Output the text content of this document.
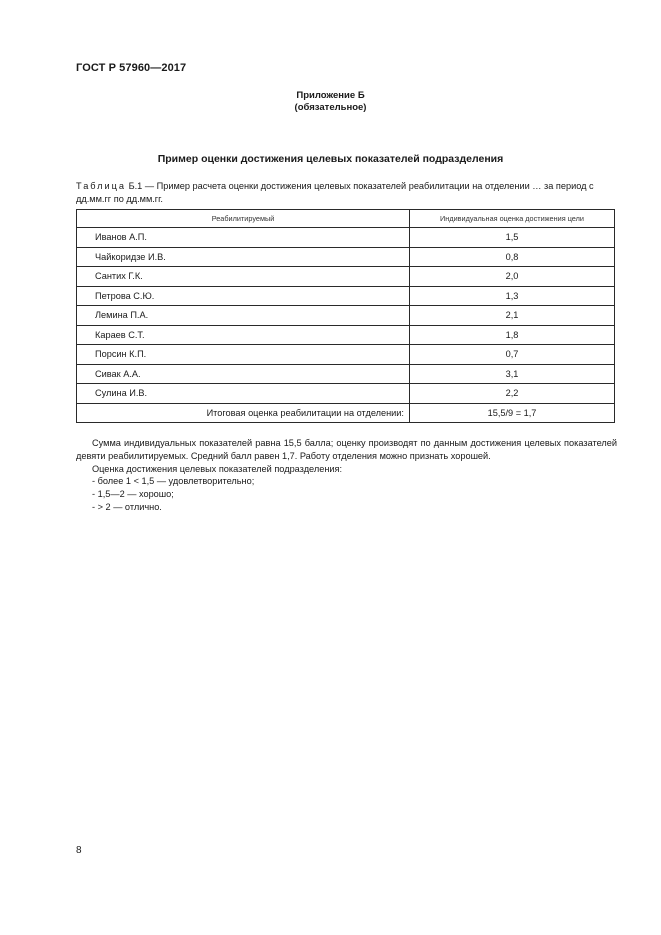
ГОСТ Р 57960—2017
Приложение Б
(обязательное)
Пример оценки достижения целевых показателей подразделения
Таблица Б.1 — Пример расчета оценки достижения целевых показателей реабилитации на отделении … за период с дд.мм.гг по дд.мм.гг.
Реабилитируемый	Индивидуальная оценка достижения цели
Иванов А.П.	1,5
Чайкоридзе И.В.	0,8
Сантих Г.К.	2,0
Петрова С.Ю.	1,3
Лемина П.А.	2,1
Караев С.Т.	1,8
Порсин К.П.	0,7
Сивак А.А.	3,1
Сулина И.В.	2,2
Итоговая оценка реабилитации на отделении:	15,5/9 = 1,7

Сумма индивидуальных показателей равна 15,5 балла; оценку производят по данным достижения целевых показателей девяти реабилитируемых. Средний балл равен 1,7. Работу отделения можно признать хорошей.

Оценка достижения целевых показателей подразделения:

- более 1 < 1,5 — удовлетворительно;

- 1,5—2 — хорошо;

- > 2 — отлично.

8
